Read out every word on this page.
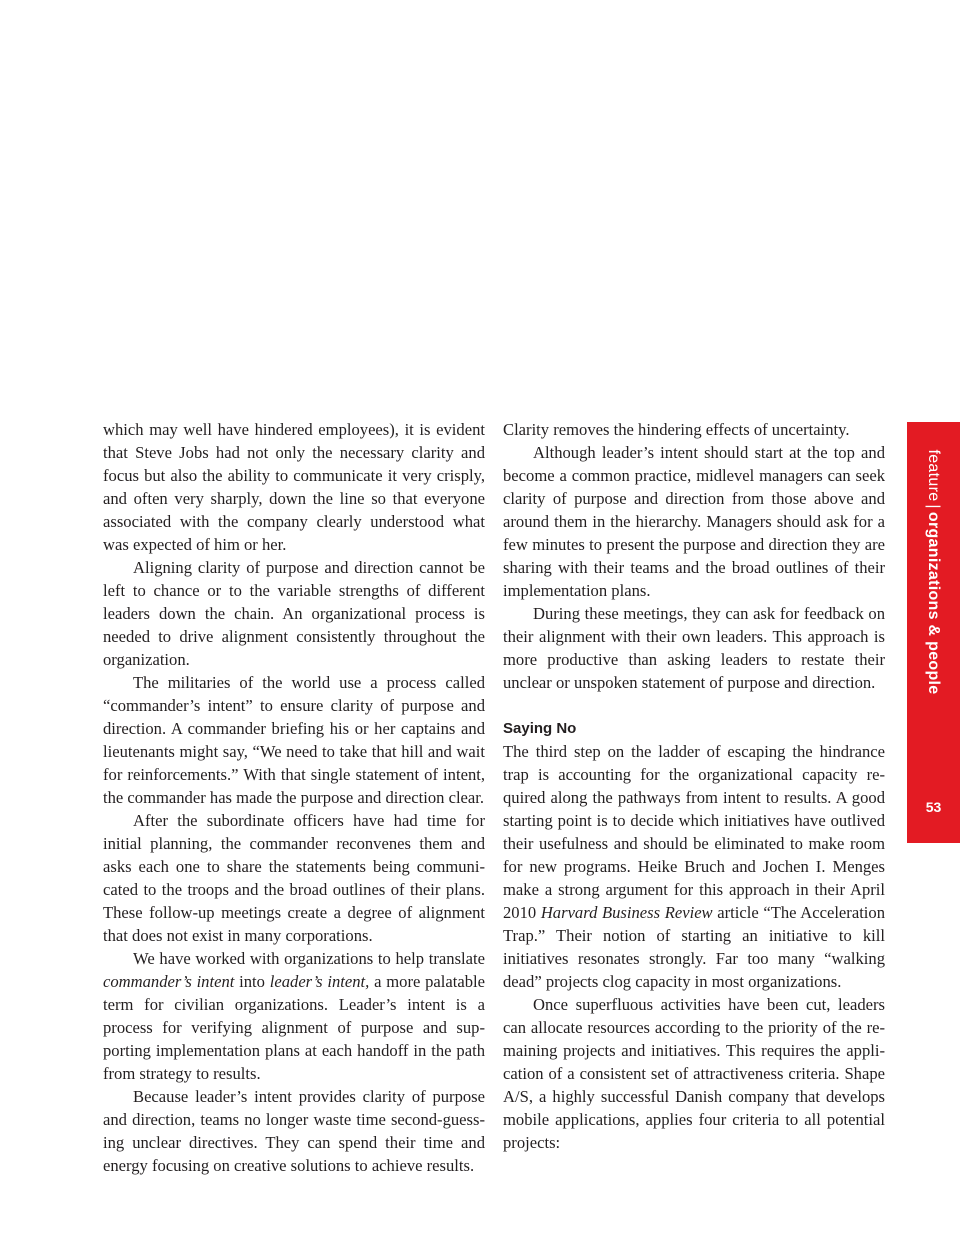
which may well have hindered employees), it is evident that Steve Jobs had not only the necessary clarity and focus but also the ability to communicate it very crisply, and often very sharply, down the line so that everyone associated with the company clearly understood what was expected of him or her.

Aligning clarity of purpose and direction cannot be left to chance or to the variable strengths of different leaders down the chain. An organizational process is needed to drive alignment consistently throughout the organization.

The militaries of the world use a process called “commander’s intent” to ensure clarity of purpose and direction. A commander briefing his or her captains and lieutenants might say, “We need to take that hill and wait for reinforcements.” With that single statement of intent, the commander has made the purpose and direction clear.

After the subordinate officers have had time for initial planning, the commander reconvenes them and asks each one to share the statements being communicated to the troops and the broad outlines of their plans. These follow-up meetings create a degree of alignment that does not exist in many corporations.

We have worked with organizations to help translate commander’s intent into leader’s intent, a more palatable term for civilian organizations. Leader’s intent is a process for verifying alignment of purpose and supporting implementation plans at each handoff in the path from strategy to results.

Because leader’s intent provides clarity of purpose and direction, teams no longer waste time second-guessing unclear directives. They can spend their time and energy focusing on creative solutions to achieve results.

Clarity removes the hindering effects of uncertainty.

Although leader’s intent should start at the top and become a common practice, midlevel managers can seek clarity of purpose and direction from those above and around them in the hierarchy. Managers should ask for a few minutes to present the purpose and direction they are sharing with their teams and the broad outlines of their implementation plans.

During these meetings, they can ask for feedback on their alignment with their own leaders. This approach is more productive than asking leaders to restate their unclear or unspoken statement of purpose and direction.

Saying No

The third step on the ladder of escaping the hindrance trap is accounting for the organizational capacity required along the pathways from intent to results. A good starting point is to decide which initiatives have outlived their usefulness and should be eliminated to make room for new programs. Heike Bruch and Jochen I. Menges make a strong argument for this approach in their April 2010 Harvard Business Review article “The Acceleration Trap.” Their notion of starting an initiative to kill initiatives resonates strongly. Far too many “walking dead” projects clog capacity in most organizations.

Once superfluous activities have been cut, leaders can allocate resources according to the priority of the remaining projects and initiatives. This requires the application of a consistent set of attractiveness criteria. Shape A/S, a highly successful Danish company that develops mobile applications, applies four criteria to all potential projects:

feature|organizations & people
53
